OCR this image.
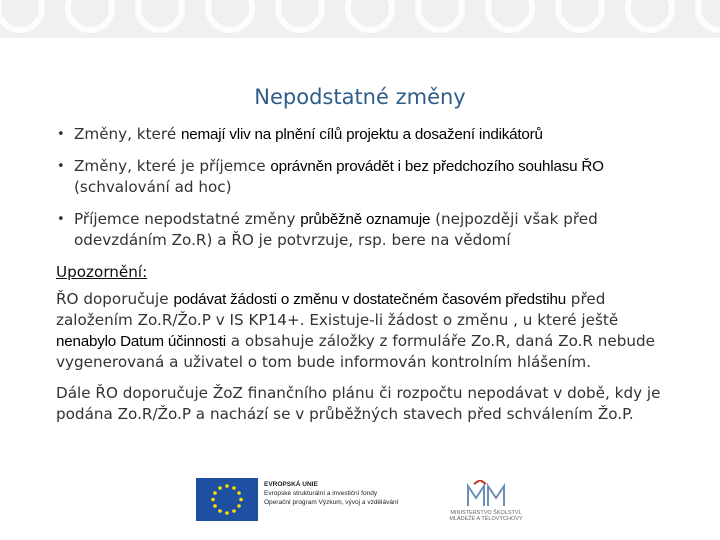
Nepodstatné změny
• Změny, které nemají vliv na plnění cílů projektu a dosažení indikátorů
• Změny, které je příjemce oprávněn provádět i bez předchozího souhlasu ŘO (schvalování ad hoc)
• Příjemce nepodstatné změny průběžně oznamuje (nejpozději však před odevzdáním Zo.R) a ŘO je potvrzuje, rsp. bere na vědomí
Upozornění:

ŘO doporučuje podávat žádosti o změnu v dostatečném časovém předstihu před založením Zo.R/Žo.P v IS KP14+. Existuje-li žádost o změnu , u které ještě nenabylo Datum účinnosti a obsahuje záložky z formuláře Zo.R, daná Zo.R nebude vygenerovaná a uživatel o tom bude informován kontrolním hlášením.

Dále ŘO doporučuje ŽoZ finančního plánu či rozpočtu nepodávat v době, kdy je podána Zo.R/Žo.P a nachází se v průběžných stavech před schválením Žo.P.

EVROPSKÁ UNIE
Evropské strukturální a investiční fondy
Operační program Výzkum, vývoj a vzdělávání
MINISTERSTVO ŠKOLSTVÍ, MLÁDEŽE A TĚLOVÝCHOVY
